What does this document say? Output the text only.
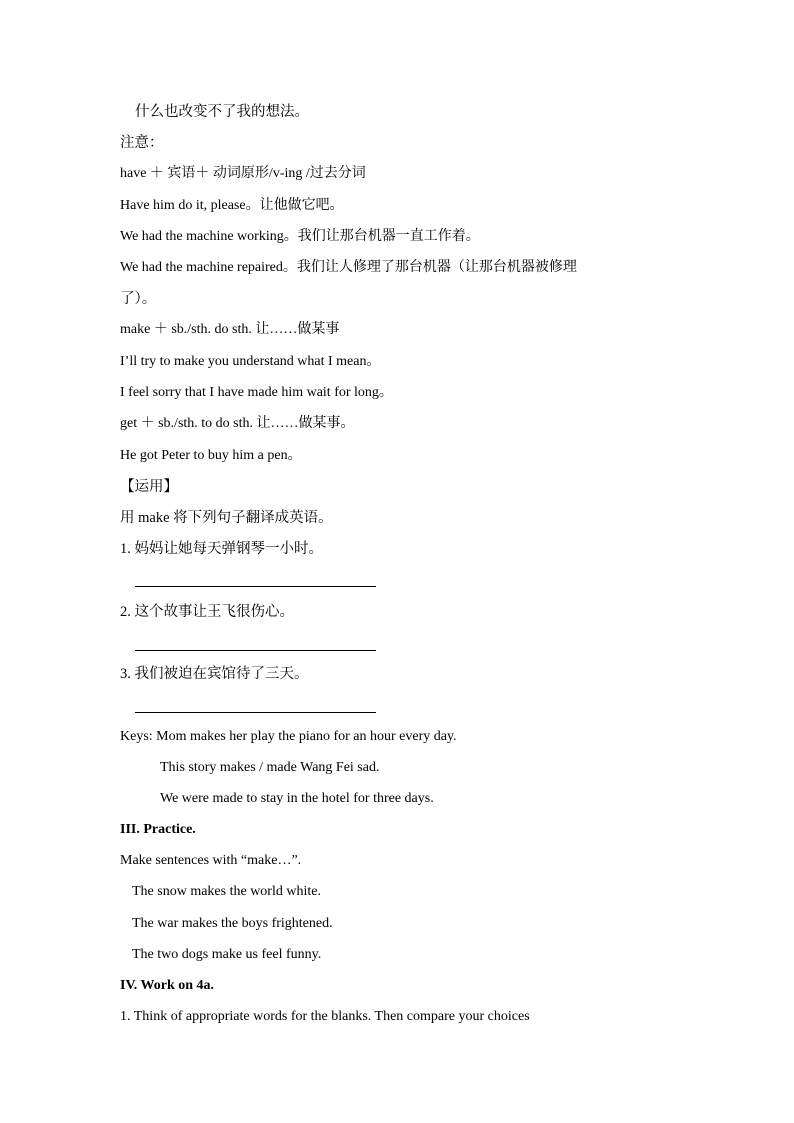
什么也改变不了我的想法。
注意：
have ＋ 宾语＋ 动词原形/v-ing /过去分词
Have him do it, please。让他做它吧。
We had the machine working。我们让那台机器一直工作着。
We had the machine repaired。我们让人修理了那台机器（让那台机器被修理
了）。
make ＋ sb./sth. do sth. 让……做某事
I’ll try to make you understand what I mean。
I feel sorry that I have made him wait for long。
get ＋ sb./sth. to do sth. 让……做某事。
He got Peter to buy him a pen。
【运用】
用 make 将下列句子翻译成英语。
1. 妈妈让她每天弹钢琴一小时。
2. 这个故事让王飞很伤心。
3. 我们被迫在宾馆待了三天。
Keys: Mom makes her play the piano for an hour every day.
This story makes / made Wang Fei sad.
We were made to stay in the hotel for three days.
III. Practice.
Make sentences with “make…”.
The snow makes the world white.
The war makes the boys frightened.
The two dogs make us feel funny.
IV. Work on 4a.
1. Think of appropriate words for the blanks. Then compare your choices
